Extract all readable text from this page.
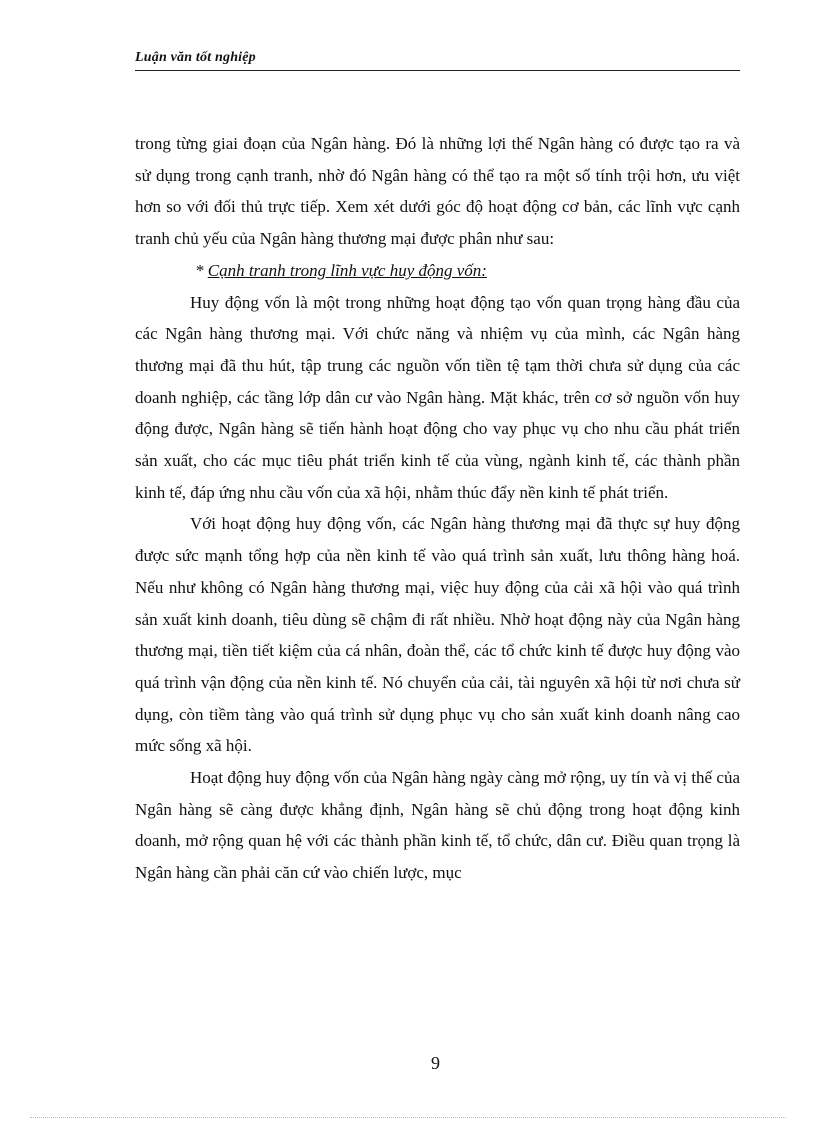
Luận văn tốt nghiệp

trong từng giai đoạn của Ngân hàng. Đó là những lợi thế Ngân hàng có được tạo ra và sử dụng trong cạnh tranh, nhờ đó Ngân hàng có thể tạo ra một số tính trội hơn, ưu việt hơn so với đối thủ trực tiếp. Xem xét dưới góc độ hoạt động cơ bản, các lĩnh vực cạnh tranh chủ yếu của Ngân hàng thương mại được phân như sau:

* Cạnh tranh trong lĩnh vực huy động vốn:

Huy động vốn là một trong những hoạt động tạo vốn quan trọng hàng đầu của các Ngân hàng thương mại. Với chức năng và nhiệm vụ của mình, các Ngân hàng thương mại đã thu hút, tập trung các nguồn vốn tiền tệ tạm thời chưa sử dụng của các doanh nghiệp, các tầng lớp dân cư vào Ngân hàng. Mặt khác, trên cơ sở nguồn vốn huy động được, Ngân hàng sẽ tiến hành hoạt động cho vay phục vụ cho nhu cầu phát triển sản xuất, cho các mục tiêu phát triển kinh tế của vùng, ngành kinh tế, các thành phần kinh tế, đáp ứng nhu cầu vốn của xã hội, nhằm thúc đẩy nền kinh tế phát triển.

Với hoạt động huy động vốn, các Ngân hàng thương mại đã thực sự huy động được sức mạnh tổng hợp của nền kinh tế vào quá trình sản xuất, lưu thông hàng hoá. Nếu như không có Ngân hàng thương mại, việc huy động của cải xã hội vào quá trình sản xuất kinh doanh, tiêu dùng sẽ chậm đi rất nhiều. Nhờ hoạt động này của Ngân hàng thương mại, tiền tiết kiệm của cá nhân, đoàn thể, các tổ chức kinh tế được huy động vào quá trình vận động của nền kinh tế. Nó chuyển của cải, tài nguyên xã hội từ nơi chưa sử dụng, còn tiềm tàng vào quá trình sử dụng phục vụ cho sản xuất kinh doanh nâng cao mức sống xã hội.

Hoạt động huy động vốn của Ngân hàng ngày càng mở rộng, uy tín và vị thế của Ngân hàng sẽ càng được khẳng định, Ngân hàng sẽ chủ động trong hoạt động kinh doanh, mở rộng quan hệ với các thành phần kinh tế, tổ chức, dân cư. Điều quan trọng là Ngân hàng cần phải căn cứ vào chiến lược, mục

9
